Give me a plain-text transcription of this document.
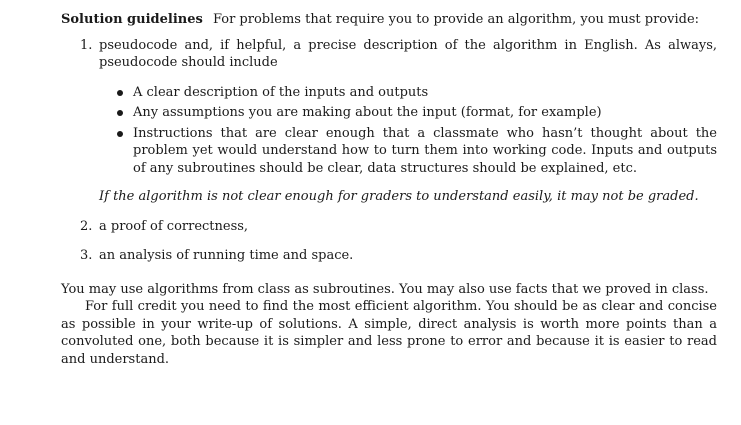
Solution guidelines For problems that require you to provide an algorithm, you must provide:

1. pseudocode and, if helpful, a precise description of the algorithm in English. As always, pseudocode should include
A clear description of the inputs and outputs
Any assumptions you are making about the input (format, for example)
Instructions that are clear enough that a classmate who hasn’t thought about the problem yet would understand how to turn them into working code. Inputs and outputs of any subroutines should be clear, data structures should be explained, etc.

If the algorithm is not clear enough for graders to understand easily, it may not be graded.

2. a proof of correctness,
3. an analysis of running time and space.

You may use algorithms from class as subroutines. You may also use facts that we proved in class.

For full credit you need to find the most efficient algorithm. You should be as clear and concise as possible in your write-up of solutions. A simple, direct analysis is worth more points than a convoluted one, both because it is simpler and less prone to error and because it is easier to read and understand.
